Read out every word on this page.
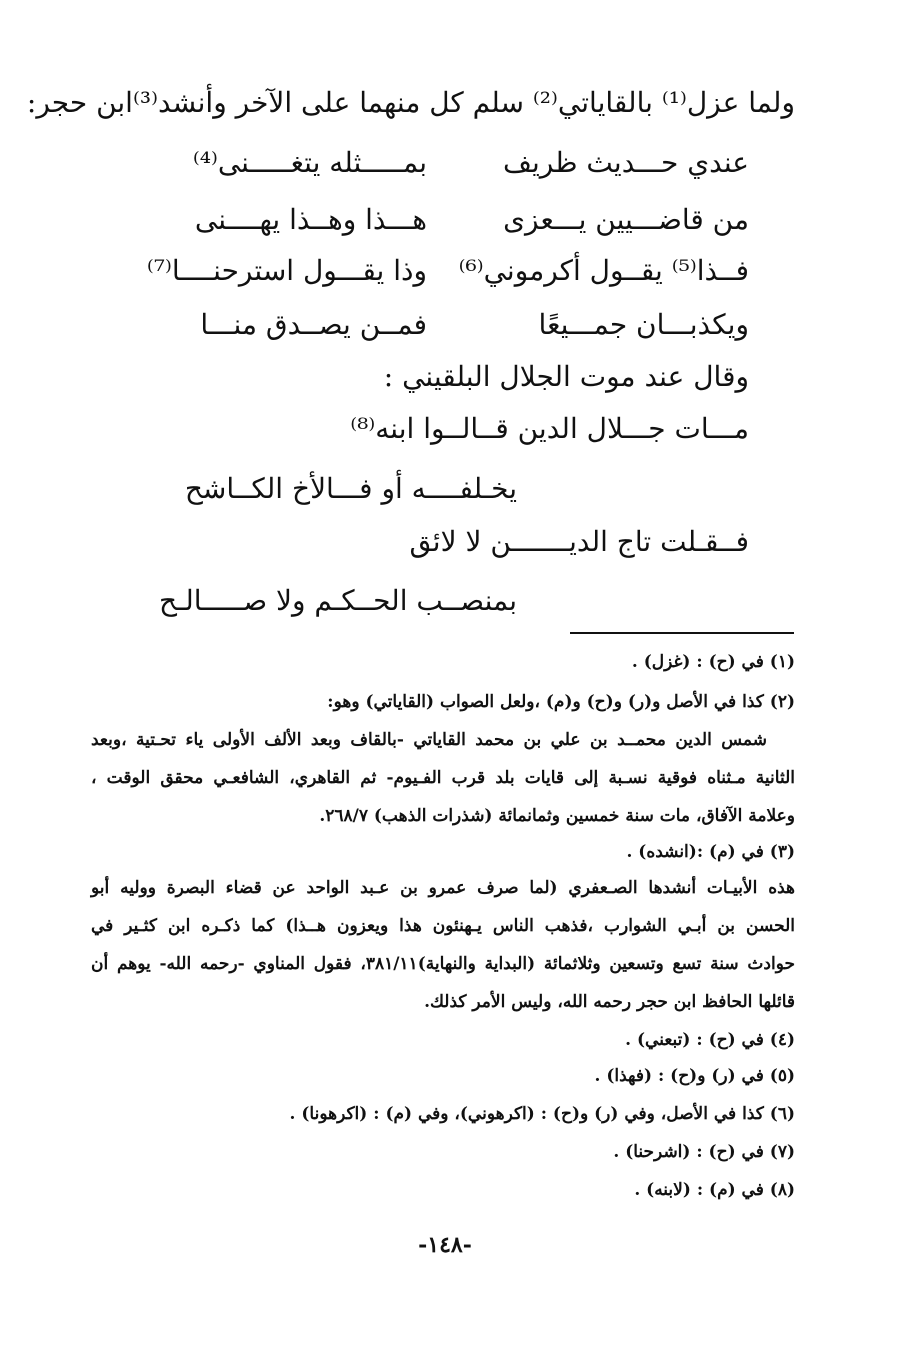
ولما عزل⁽¹⁾ بالقاياتي⁽²⁾ سلم كل منهما على الآخر وأنشد⁽³⁾ابن حجر:
عندي حـــديث ظريف
بمـــــثله يتغـــــنى⁽⁴⁾
من قاضـــيين يـــعزى
هـــذا وهــذا يهــــنى
فــذا⁽⁵⁾ يقــول أكرموني⁽⁶⁾
وذا يقـــول استرحنــــا⁽⁷⁾
ويكذبـــان جمـــيعًا
فمــن يصــدق منـــا
وقال عند موت الجلال البلقيني :
مـــات جـــلال الدين قــالــوا ابنه⁽⁸⁾
يخـلفــــه أو فـــالأخ الكــاشح
فــقـلت تاج الديـــــــن لا لائق
بمنصــب الحــكـم ولا صـــــالـح
(١) في (ح) : (غزل) .
(٢) كذا في الأصل و(ر) و(ح) و(م) ،ولعل الصواب (القاياتي) وهو:
شمس الدين محمــد بن علي بن محمد القاياتي -بالقاف وبعد الألف الأولى ياء تحـتية ،وبعد
الثانية مـثناه فوقية نسـبة إلى قايات بلد قرب الفـيوم- ثم القاهري، الشافعـي محقق الوقت ،
وعلامة الآفاق، مات سنة خمسين وثمانمائة (شذرات الذهب) ٢٦٨/٧.
(٣) في (م) :(انشده) .
هذه الأبيـات أنشدها الصـعفري (لما صرف عمرو بن عـبد الواحد عن قضاء البصرة ووليه أبو
الحسن بن أبـي الشوارب ،فذهب الناس يـهنئون هذا ويعزون هــذا) كما ذكـره ابن كثـير في
حوادث سنة تسع وتسعين وثلاثمائة (البداية والنهاية)٣٨١/١١، فقول المناوي -رحمه الله- يوهم أن
قائلها الحافظ ابن حجر رحمه الله، وليس الأمر كذلك.
(٤) في (ح) : (تبعني) .
(٥) في (ر) و(ح) : (فهذا) .
(٦) كذا في الأصل، وفي (ر) و(ح) : (اكرهوني)، وفي (م) : (اكرهونا) .
(٧) في (ح) : (اشرحنا) .
(٨) في (م) : (لابنه) .
-١٤٨-
